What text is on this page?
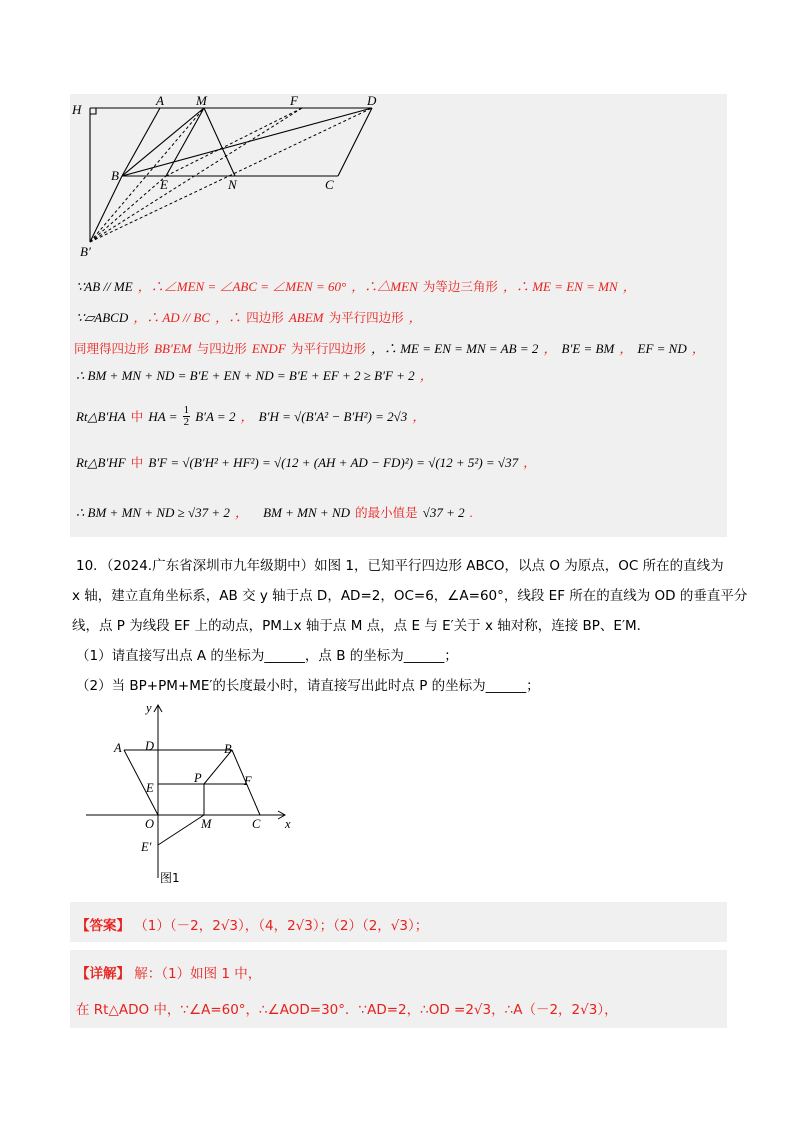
H
A M	F	D
B
E	N	C
B′
∵AB // ME ，∴∠MEN = ∠ABC = ∠MEN = 60° ，∴△MEN 为等边三角形 ，∴ ME = EN = MN ，
∵▱ABCD ，∴ AD // BC ，∴ 四边形 ABEM 为平行四边形 ，
同理得四边形 BB′EM 与四边形 ENDF 为平行四边形 ，∴ ME = EN = MN = AB = 2 ， B′E = BM ， EF = ND ，
∴ BM + MN + ND = B′E + EN + ND = B′E + EF + 2 ≥ B′F + 2 ，
Rt△B′HA 中 HA = $\frac{1}{2} B'A = 2$ ， B′H = √(B′A² − B′H²) = 2√3 ，
Rt△B′HF 中 B′F = √(B′H² + HF²) = √(12 + (AH + AD − FD)²) = √(12 + 5²) = √37 ，
∴ BM + MN + ND ≥ √37 + 2 ， BM + MN + ND 的最小值是 √37 + 2 .
10．（2024.广东省深圳市九年级期中）如图 1，已知平行四边形 ABCO，以点 O 为原点，OC 所在的直线为
x 轴，建立直角坐标系，AB 交 y 轴于点 D，AD=2，OC=6，∠A=60°，线段 EF 所在的直线为 OD 的垂直平分
线，点 P 为线段 EF 上的动点，PM⊥x 轴于点 M 点，点 E 与 E′关于 x 轴对称，连接 BP、E′M．
（1）请直接写出点 A 的坐标为______，点 B 的坐标为______；
（2）当 BP+PM+ME′的长度最小时，请直接写出此时点 P 的坐标为______；
y
x
A D	B
E
P	F
O	M	C
E′
图1
【答案】 （1）（－2，2√3），（4，2√3）；（2）（2，√3）；
【详解】 解：（1）如图 1 中，
在 Rt△ADO 中，∵∠A=60°，∴∠AOD=30°．∵AD=2，∴OD =2√3，∴A（－2，2√3），
